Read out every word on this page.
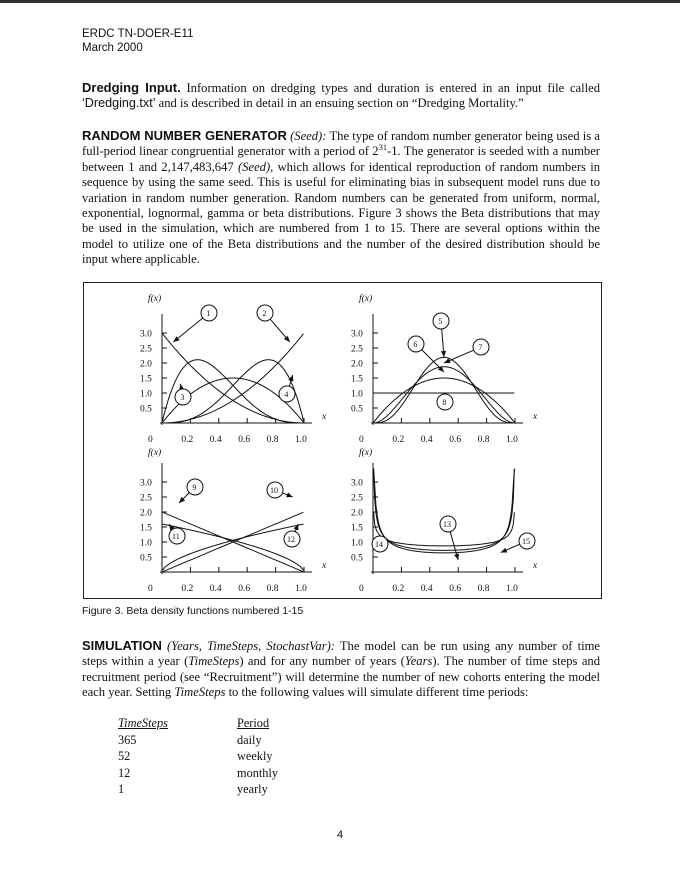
ERDC TN-DOER-E11
March 2000
Dredging Input. Information on dredging types and duration is entered in an input file called ‘Dredging.txt’ and is described in detail in an ensuing section on “Dredging Mortality.”
RANDOM NUMBER GENERATOR (Seed): The type of random number generator being used is a full-period linear congruential generator with a period of $2^{31}-1$. The generator is seeded with a number between 1 and 2,147,483,647 (Seed), which allows for identical reproduction of random numbers in sequence by using the same seed. This is useful for eliminating bias in subsequent model runs due to variation in random number generation. Random numbers can be generated from uniform, normal, exponential, lognormal, gamma or beta distributions. Figure 3 shows the Beta distributions that may be used in the simulation, which are numbered from 1 to 15. There are several options within the model to utilize one of the Beta distributions and the number of the desired distribution should be input where applicable.
3.0
2.5
2.0
1.5
1.0
0.5
0	0.2 0.4 0.6 0.8 1.0
f(x)
x
1	2
3	4
3.0
2.5
2.0
1.5
1.0
0.5
0	0.2 0.4 0.6 0.8 1.0
f(x)
x
5
6	7
8
3.0
2.5
2.0
1.5
1.0
0.5
0	0.2 0.4 0.6 0.8 1.0
f(x)
x
9	10
11	12
3.0
2.5
2.0
1.5
1.0
0.5
0	0.2 0.4 0.6 0.8 1.0
f(x)
x
13
14	15
Figure 3. Beta density functions numbered 1-15
SIMULATION (Years, TimeSteps, StochastVar): The model can be run using any number of time steps within a year (TimeSteps) and for any number of years (Years). The number of time steps and recruitment period (see “Recruitment”) will determine the number of new cohorts entering the model each year. Setting TimeSteps to the following values will simulate different time periods:
TimeSteps	Period
365	daily
52	weekly
12	monthly
1	yearly
4
